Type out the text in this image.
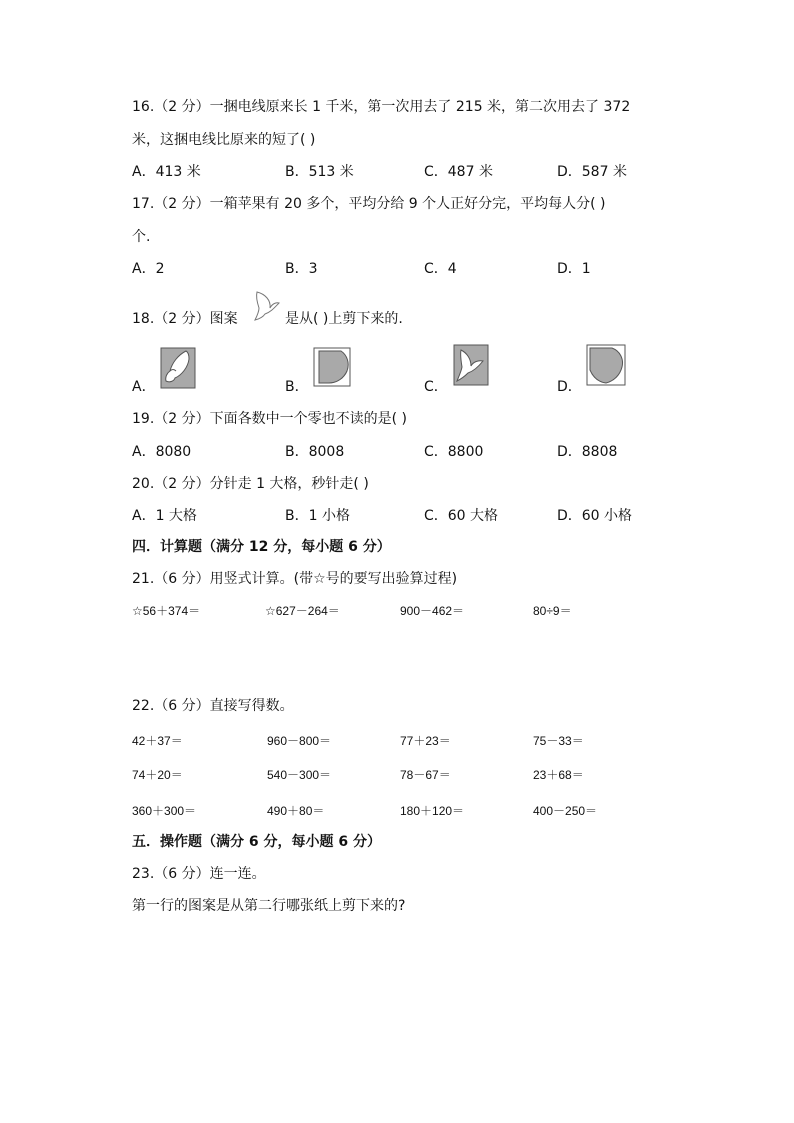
16.（2 分）一捆电线原来长 1 千米，第一次用去了 215 米，第二次用去了 372
米，这捆电线比原来的短了( )
A．413 米	B．513 米	C．487 米	D．587 米
17.（2 分）一箱苹果有 20 多个，平均分给 9 个人正好分完，平均每人分( )
个.
A．2	B．3	C．4	D．1
18.（2 分）图案	是从( )上剪下来的.
A．	B．	C．	D．
19.（2 分）下面各数中一个零也不读的是( )
A．8080	B．8008	C．8800	D．8808
20.（2 分）分针走 1 大格，秒针走( )
A．1 大格	B．1 小格	C．60 大格	D．60 小格
四．计算题（满分 12 分，每小题 6 分）
21.（6 分）用竖式计算。(带☆号的要写出验算过程)
☆56＋374＝	☆627－264＝	900－462＝	80÷9＝
22.（6 分）直接写得数。
42＋37＝	960－800＝	77＋23＝	75－33＝
74＋20＝	540－300＝	78－67＝	23＋68＝
360＋300＝	490＋80＝	180＋120＝	400－250＝
五．操作题（满分 6 分，每小题 6 分）
23.（6 分）连一连。
第一行的图案是从第二行哪张纸上剪下来的?
